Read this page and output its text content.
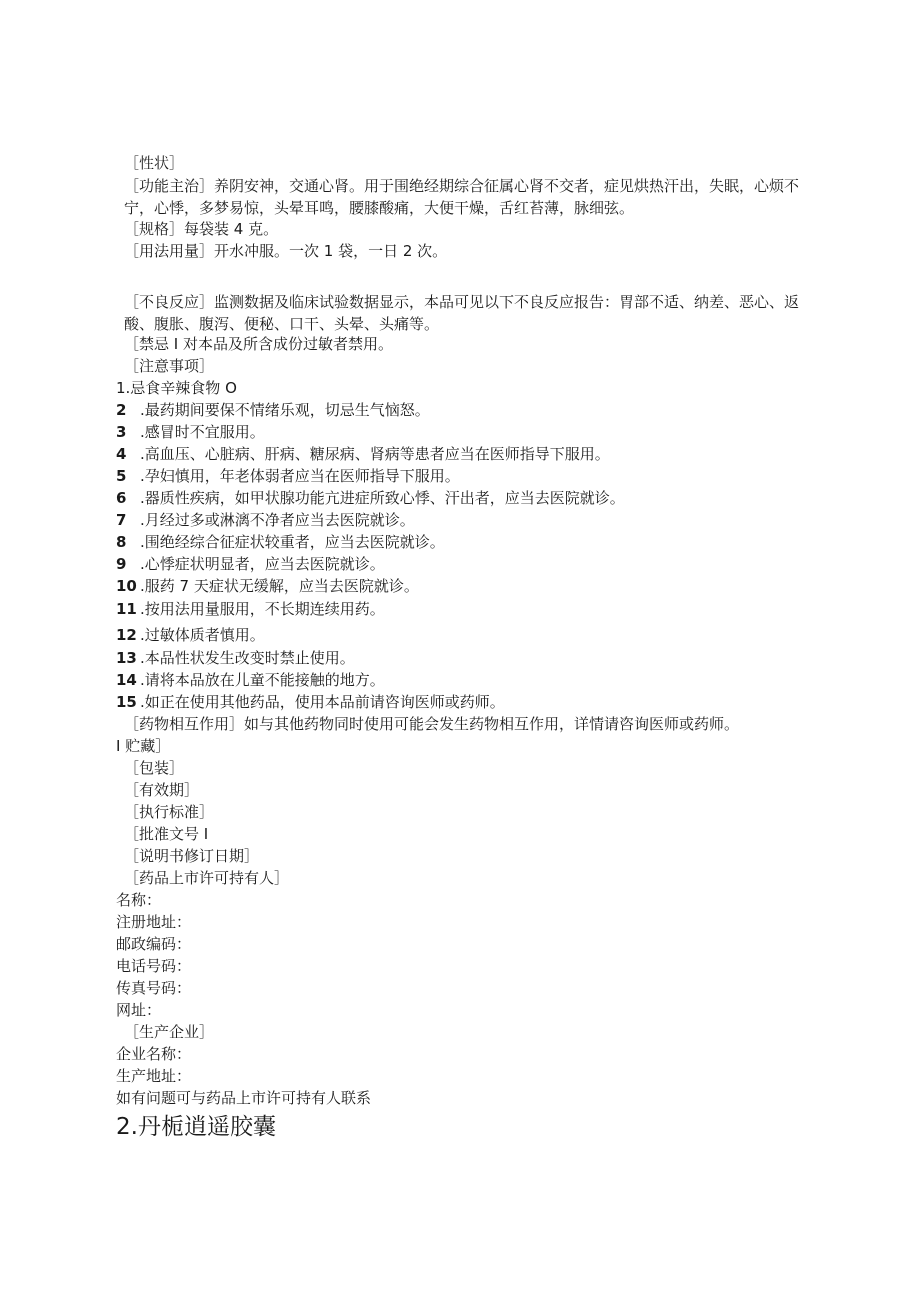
［性状］
［功能主治］养阴安神，交通心肾。用于围绝经期综合征属心肾不交者，症见烘热汗出，失眠，心烦不宁，心悸，多梦易惊，头晕耳鸣，腰膝酸痛，大便干燥，舌红苔薄，脉细弦。
［规格］每袋装 4 克。
［用法用量］开水冲服。一次 1 袋，一日 2 次。
［不良反应］监测数据及临床试验数据显示，本品可见以下不良反应报告：胃部不适、纳差、恶心、返酸、腹胀、腹泻、便秘、口干、头晕、头痛等。
［禁忌 I 对本品及所含成份过敏者禁用。
［注意事项］
1.忌食辛辣食物 O
2 .最药期间要保不情绪乐观，切忌生气恼怒。
3 .感冒时不宜服用。
4 .高血压、心脏病、肝病、糖尿病、肾病等患者应当在医师指导下服用。
5 .孕妇慎用，年老体弱者应当在医师指导下服用。
6 .器质性疾病，如甲状腺功能亢进症所致心悸、汗出者，应当去医院就诊。
7 .月经过多或淋漓不净者应当去医院就诊。
8 .围绝经综合征症状较重者，应当去医院就诊。
9 .心悸症状明显者，应当去医院就诊。
10 .服药 7 天症状无缓解，应当去医院就诊。
11 .按用法用量服用，不长期连续用药。
12 .过敏体质者慎用。
13 .本品性状发生改变时禁止使用。
14 .请将本品放在儿童不能接触的地方。
15 .如正在使用其他药品，使用本品前请咨询医师或药师。
［药物相互作用］如与其他药物同时使用可能会发生药物相互作用，详情请咨询医师或药师。
I 贮藏］
［包装］
［有效期］
［执行标准］
［批准文号 I
［说明书修订日期］
［药品上市许可持有人］
名称：
注册地址：
邮政编码：
电话号码：
传真号码：
网址：
［生产企业］
企业名称：
生产地址：
如有问题可与药品上市许可持有人联系
2.丹栀逍遥胶囊
